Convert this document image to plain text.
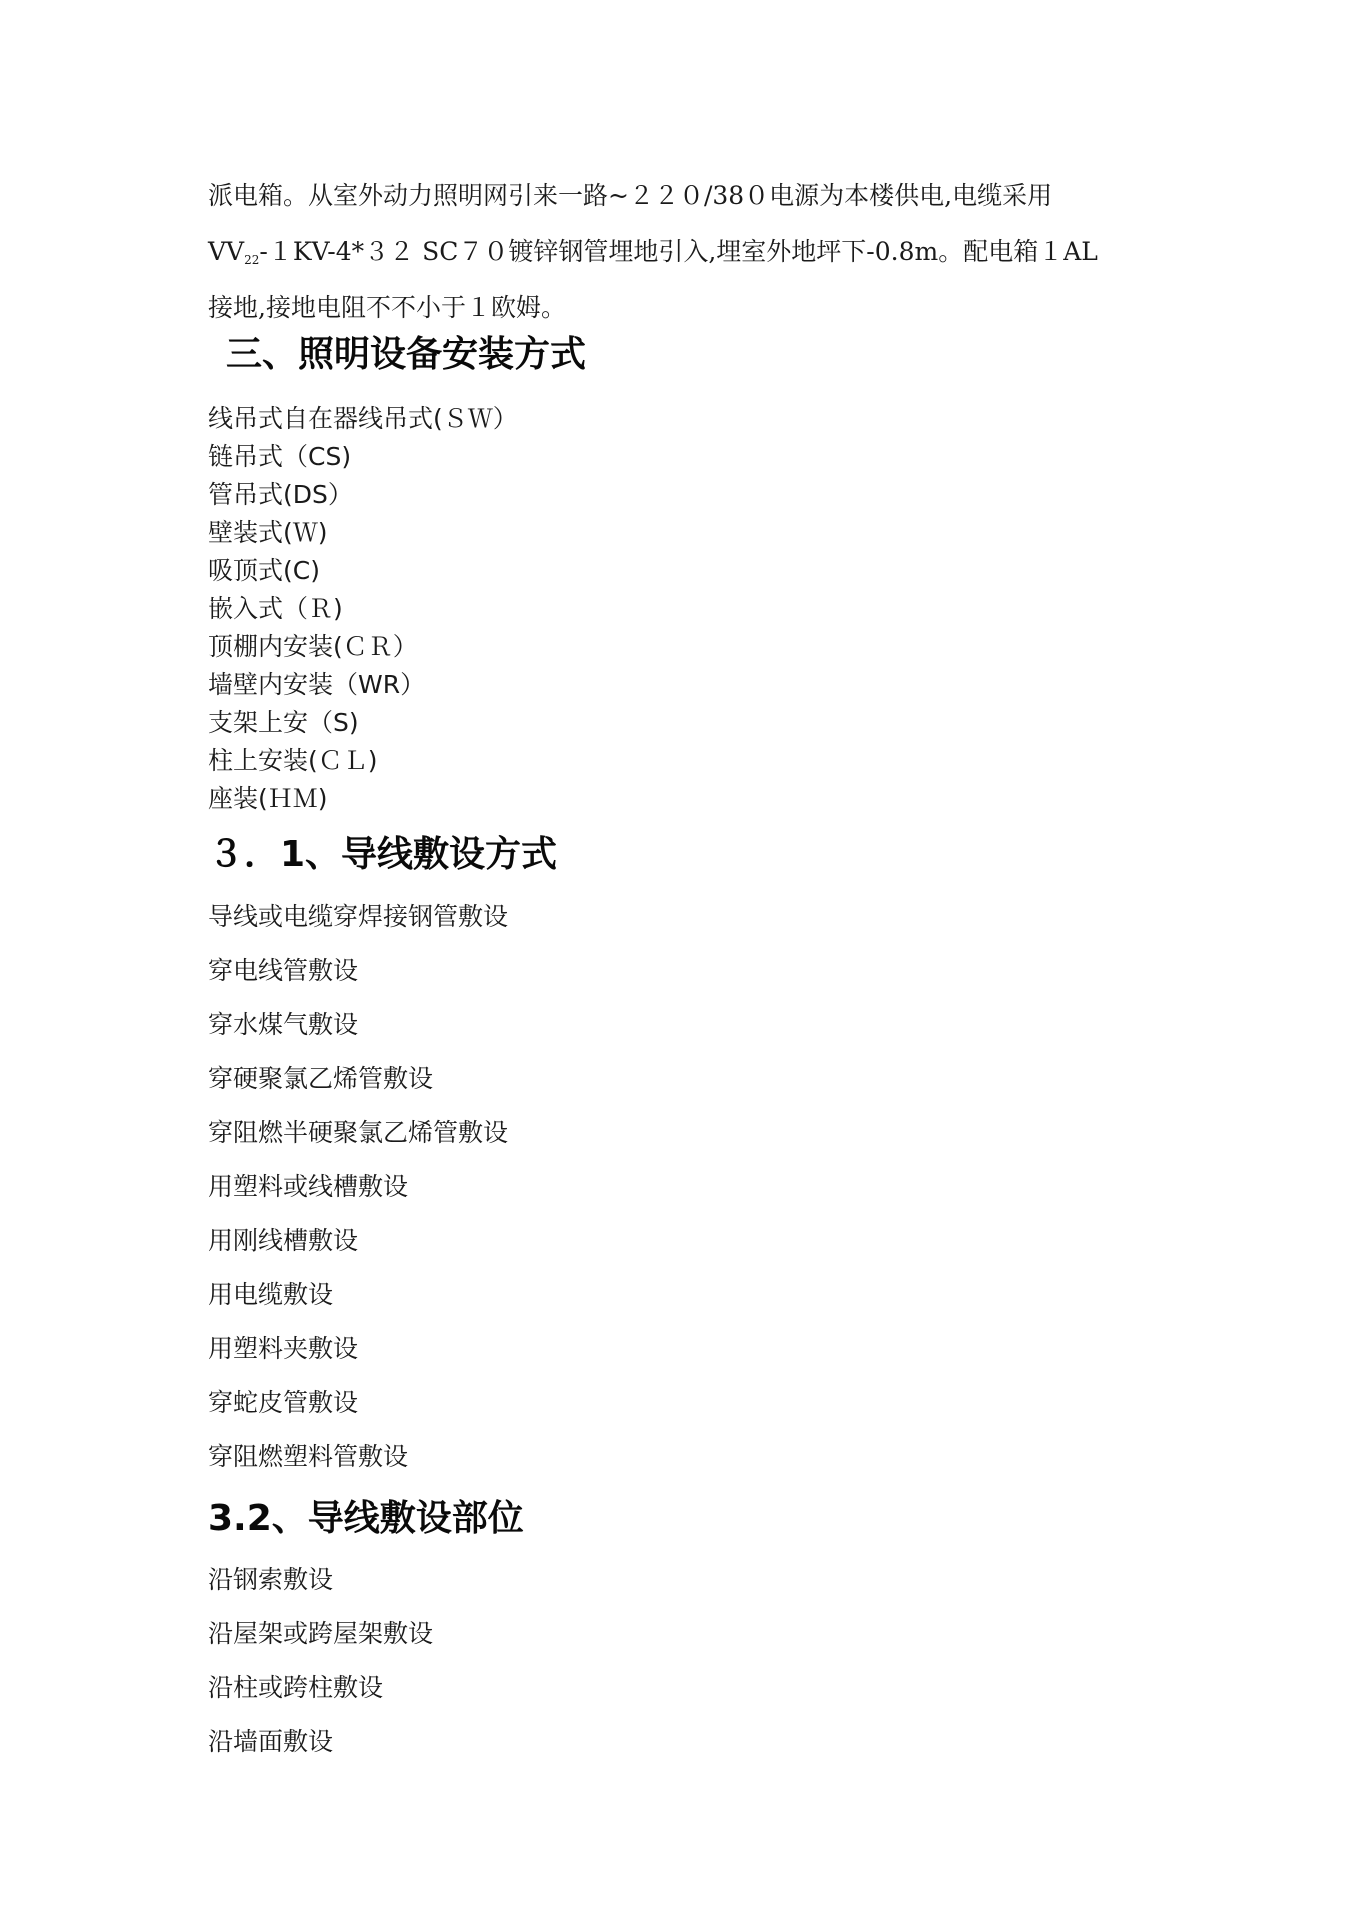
派电箱。从室外动力照明网引来一路~２２０/38０电源为本楼供电,电缆采用
$VV_{22}-1KV-4*32$ SC７０镀锌钢管埋地引入,埋室外地坪下-0.8m。配电箱１AL
接地,接地电阻不不小于１欧姆。
三、照明设备安装方式
线吊式自在器线吊式(ＳＷ）
链吊式（CS)
管吊式(DS）
壁装式(Ｗ)
吸顶式(C)
嵌入式（Ｒ)
顶棚内安装(ＣＲ）
墙壁内安装（WR）
支架上安（S)
柱上安装(ＣＬ)
座装(ＨＭ)
３．1、导线敷设方式
导线或电缆穿焊接钢管敷设
穿电线管敷设
穿水煤气敷设
穿硬聚氯乙烯管敷设
穿阻燃半硬聚氯乙烯管敷设
用塑料或线槽敷设
用刚线槽敷设
用电缆敷设
用塑料夹敷设
穿蛇皮管敷设
穿阻燃塑料管敷设
3.2、导线敷设部位
沿钢索敷设
沿屋架或跨屋架敷设
沿柱或跨柱敷设
沿墙面敷设
